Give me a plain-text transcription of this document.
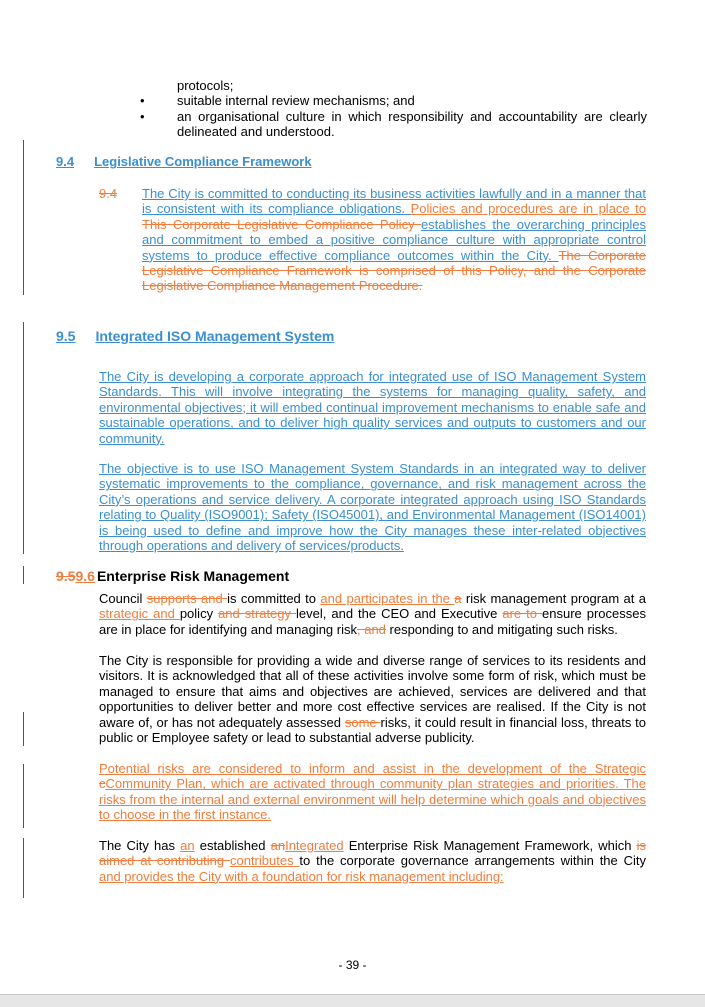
protocols;
• suitable internal review mechanisms; and
• an organisational culture in which responsibility and accountability are clearly delineated and understood.
9.4 Legislative Compliance Framework
9.4 The City is committed to conducting its business activities lawfully and in a manner that is consistent with its compliance obligations. Policies and procedures are in place to This Corporate Legislative Compliance Policy establishes the overarching principles and commitment to embed a positive compliance culture with appropriate control systems to produce effective compliance outcomes within the City. The Corporate Legislative Compliance Framework is comprised of this Policy, and the Corporate Legislative Compliance Management Procedure.

9.5 Integrated ISO Management System

The City is developing a corporate approach for integrated use of ISO Management System Standards. This will involve integrating the systems for managing quality, safety, and environmental objectives; it will embed continual improvement mechanisms to enable safe and sustainable operations, and to deliver high quality services and outputs to customers and our community.

The objective is to use ISO Management System Standards in an integrated way to deliver systematic improvements to the compliance, governance, and risk management across the City’s operations and service delivery. A corporate integrated approach using ISO Standards relating to Quality (ISO9001); Safety (ISO45001), and Environmental Management (ISO14001) is being used to define and improve how the City manages these inter-related objectives through operations and delivery of services/products.

9.59.6 Enterprise Risk Management

Council supports and is committed to and participates in the a risk management program at a strategic and policy and strategy level, and the CEO and Executive are to ensure processes are in place for identifying and managing risk, and responding to and mitigating such risks.

The City is responsible for providing a wide and diverse range of services to its residents and visitors. It is acknowledged that all of these activities involve some form of risk, which must be managed to ensure that aims and objectives are achieved, services are delivered and that opportunities to deliver better and more cost effective services are realised. If the City is not aware of, or has not adequately assessed some risks, it could result in financial loss, threats to public or Employee safety or lead to substantial adverse publicity.

Potential risks are considered to inform and assist in the development of the Strategic cCommunity Plan, which are activated through community plan strategies and priorities. The risks from the internal and external environment will help determine which goals and objectives to choose in the first instance.

The City has an established anIntegrated Enterprise Risk Management Framework, which is aimed at contributing contributes to the corporate governance arrangements within the City and provides the City with a foundation for risk management including:

- 39 -
